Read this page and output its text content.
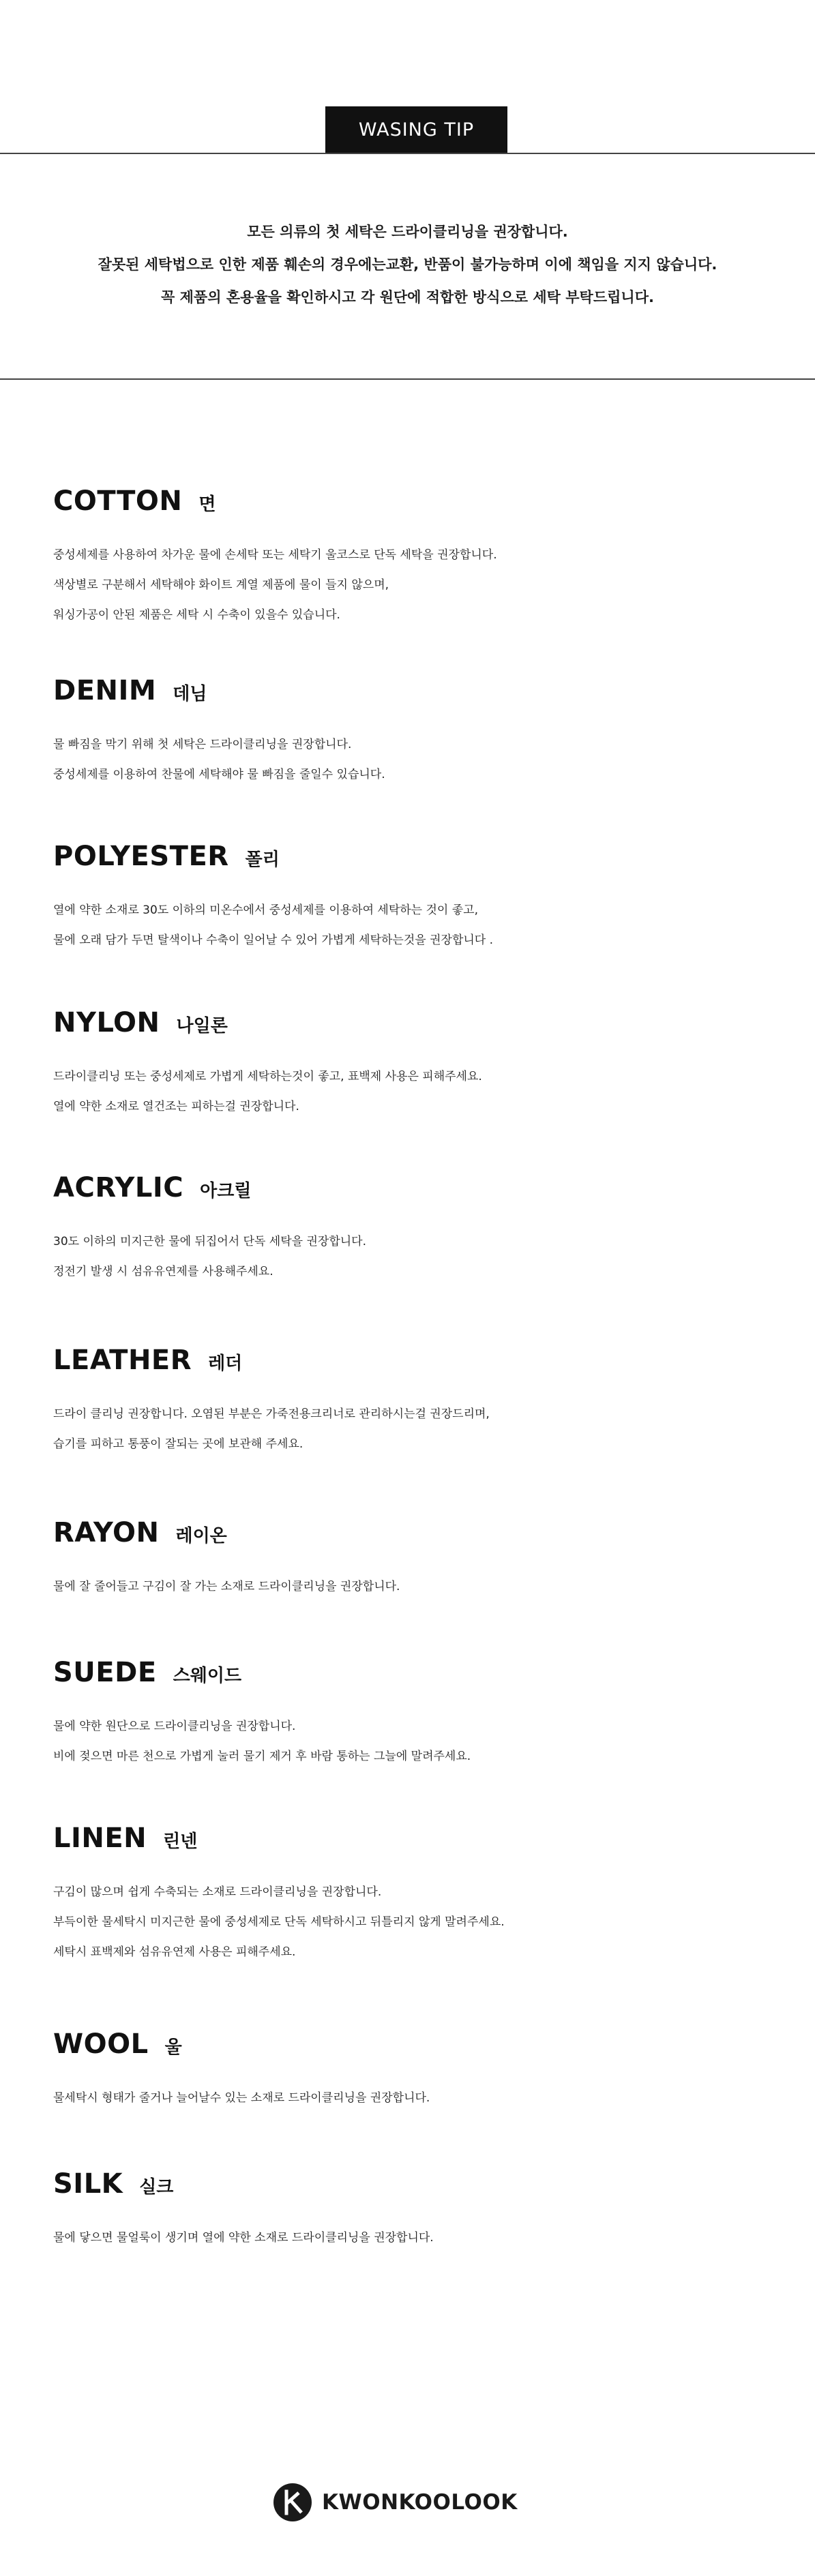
WASING TIP
모든 의류의 첫 세탁은 드라이클리닝을 권장합니다.
잘못된 세탁법으로 인한 제품 훼손의 경우에는교환, 반품이 불가능하며 이에 책임을 지지 않습니다.
꼭 제품의 혼용율을 확인하시고 각 원단에 적합한 방식으로 세탁 부탁드립니다.
COTTON 면
중성세제를 사용하여 차가운 물에 손세탁 또는 세탁기 울코스로 단독 세탁을 권장합니다.
색상별로 구분해서 세탁해야 화이트 계열 제품에 물이 들지 않으며,
워싱가공이 안된 제품은 세탁 시 수축이 있을수 있습니다.
DENIM 데님
물 빠짐을 막기 위해 첫 세탁은 드라이클리닝을 권장합니다.
중성세제를 이용하여 찬물에 세탁해야 물 빠짐을 줄일수 있습니다.
POLYESTER 폴리
열에 약한 소재로 30도 이하의 미온수에서 중성세제를 이용하여 세탁하는 것이 좋고,
물에 오래 담가 두면 탈색이나 수축이 일어날 수 있어 가볍게 세탁하는것을 권장합니다 .
NYLON 나일론
드라이클리닝 또는 중성세제로 가볍게 세탁하는것이 좋고, 표백제 사용은 피해주세요.
열에 약한 소재로 열건조는 피하는걸 권장합니다.
ACRYLIC 아크릴
30도 이하의 미지근한 물에 뒤집어서 단독 세탁을 권장합니다.
정전기 발생 시 섬유유연제를 사용해주세요.
LEATHER 레더
드라이 클리닝 권장합니다. 오염된 부분은 가죽전용크리너로 관리하시는걸 권장드리며,
습기를 피하고 통풍이 잘되는 곳에 보관해 주세요.
RAYON 레이온
물에 잘 줄어들고 구김이 잘 가는 소재로 드라이클리닝을 권장합니다.
SUEDE 스웨이드
물에 약한 원단으로 드라이클리닝을 권장합니다.
비에 젖으면 마른 천으로 가볍게 눌러 물기 제거 후 바람 통하는 그늘에 말려주세요.
LINEN 린넨
구김이 많으며 쉽게 수축되는 소재로 드라이클리닝을 권장합니다.
부득이한 물세탁시 미지근한 물에 중성세제로 단독 세탁하시고 뒤틀리지 않게 말려주세요.
세탁시 표백제와 섬유유연제 사용은 피해주세요.
WOOL 울
물세탁시 형태가 줄거나 늘어날수 있는 소재로 드라이클리닝을 권장합니다.
SILK 실크
물에 닿으면 물얼룩이 생기며 열에 약한 소재로 드라이클리닝을 권장합니다.
KWONKOOLOOK
